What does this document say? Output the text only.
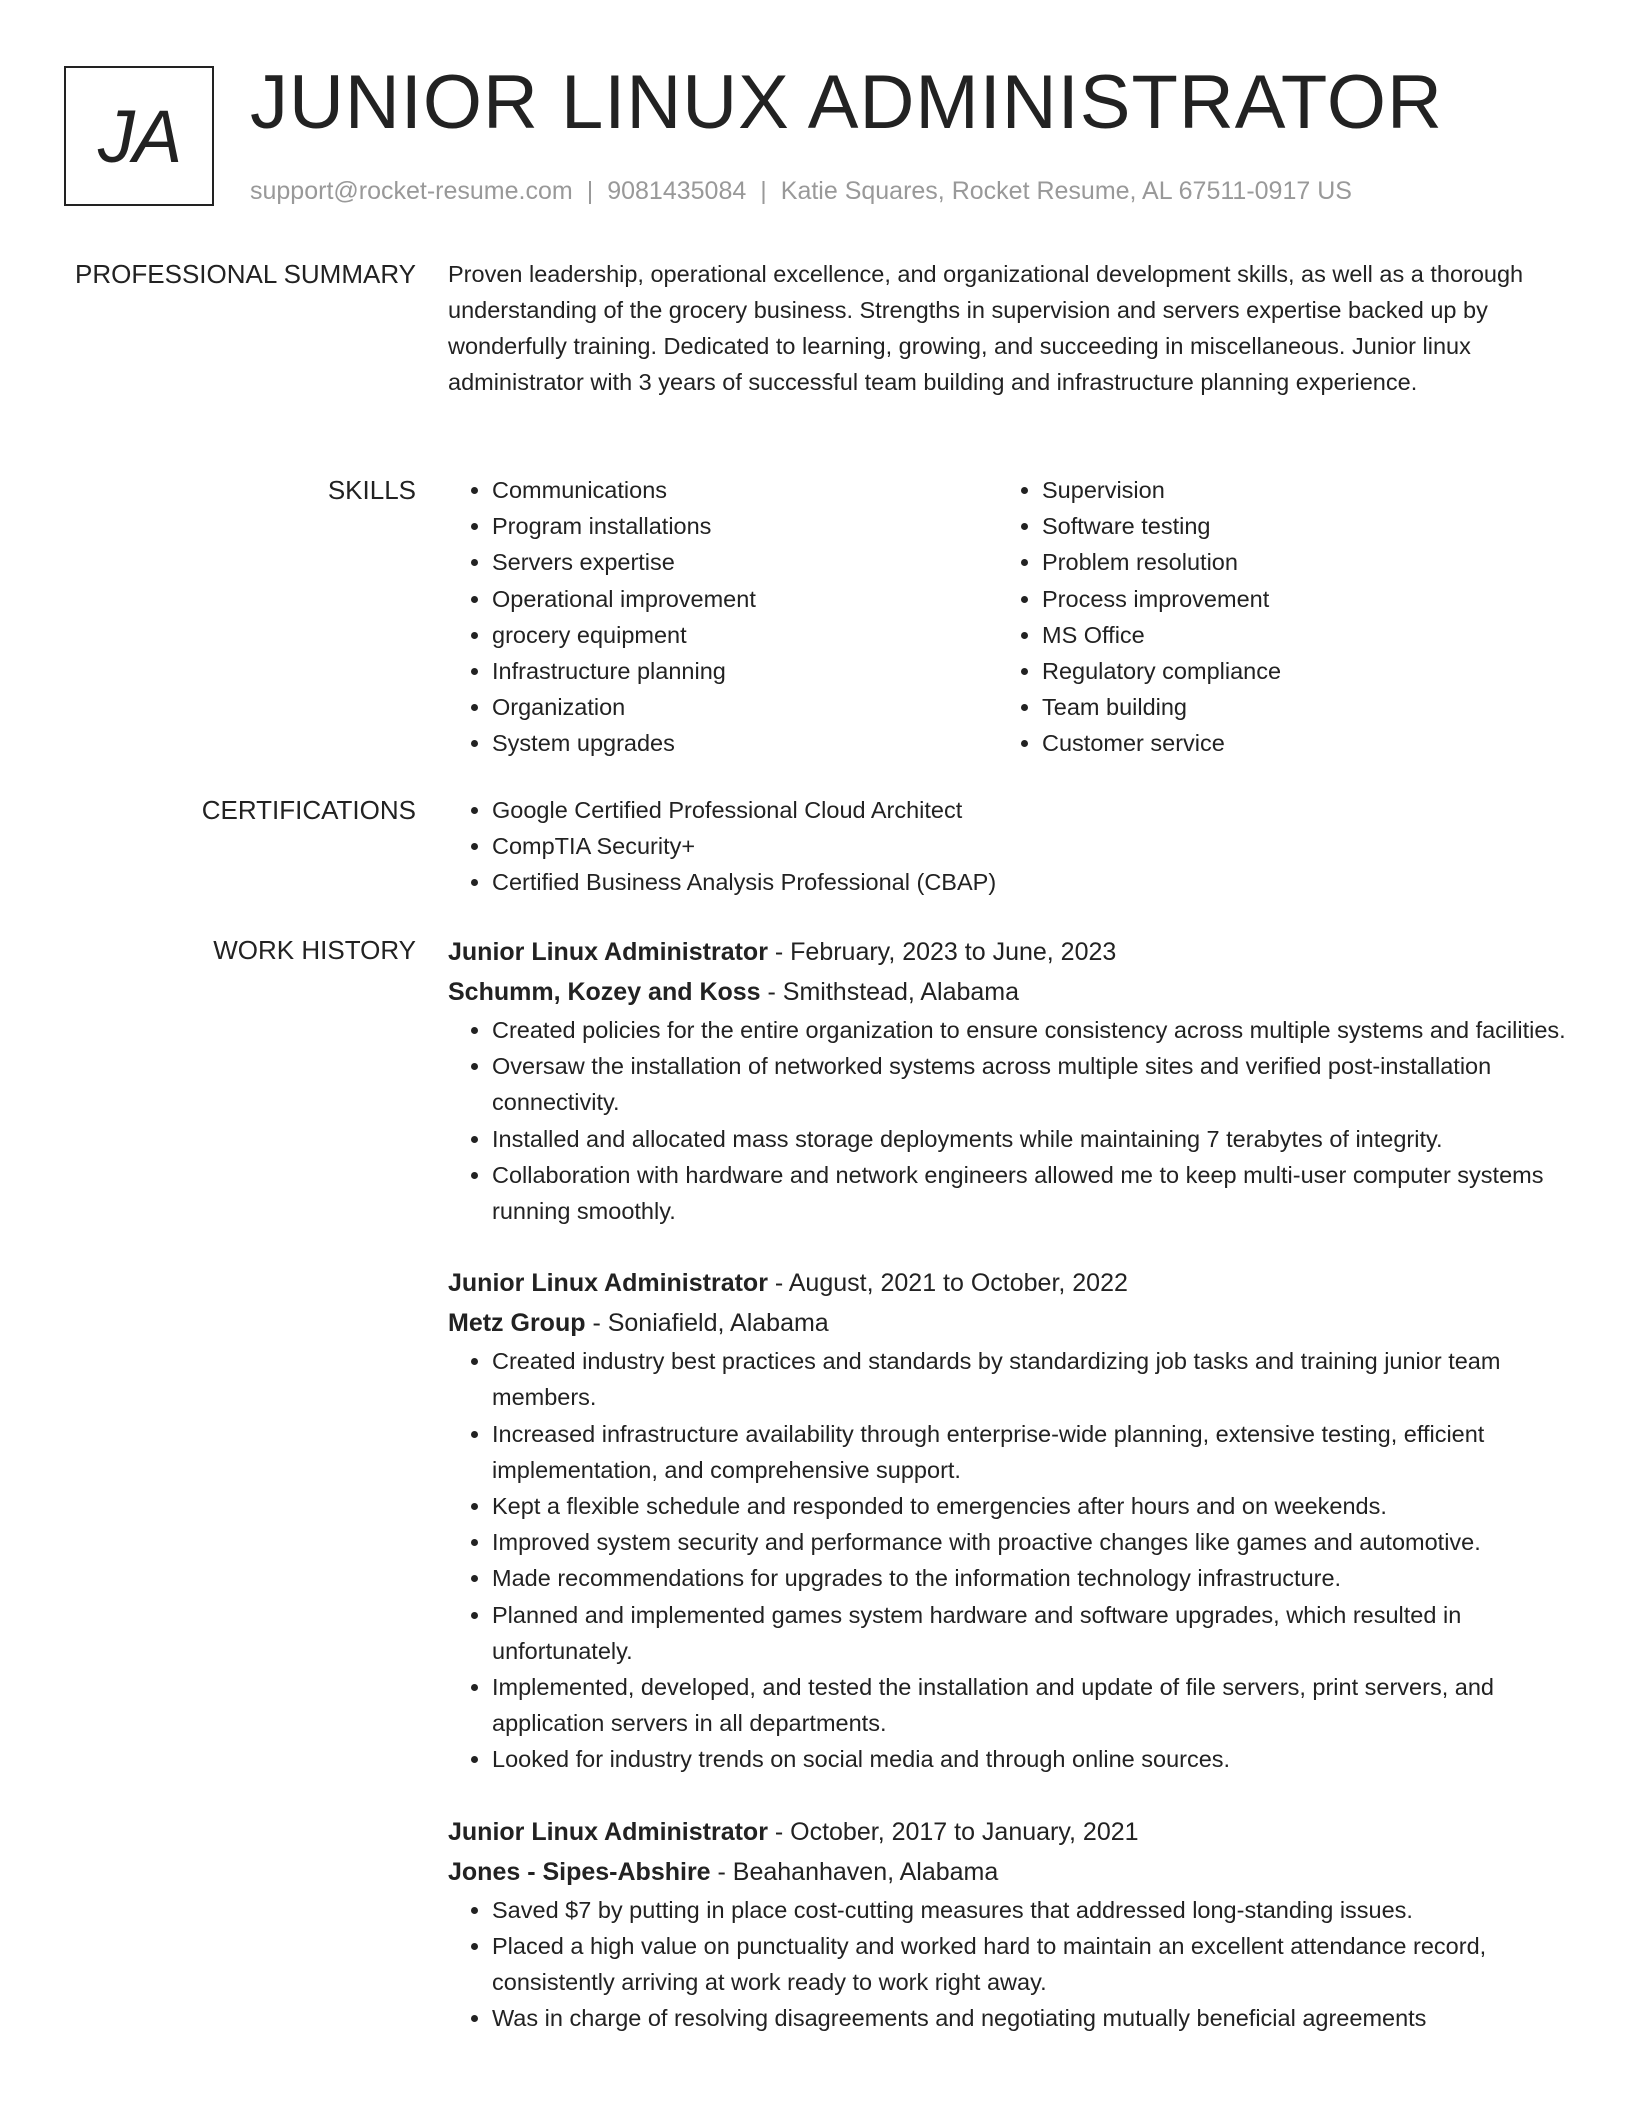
JA JUNIOR LINUX ADMINISTRATOR
support@rocket-resume.com | 9081435084 | Katie Squares, Rocket Resume, AL 67511-0917 US
PROFESSIONAL SUMMARY Proven leadership, operational excellence, and organizational development skills, as well as a thorough understanding of the grocery business. Strengths in supervision and servers expertise backed up by wonderfully training. Dedicated to learning, growing, and succeeding in miscellaneous. Junior linux administrator with 3 years of successful team building and infrastructure planning experience.

SKILLS	• Communications
• Program installations
• Servers expertise
• Operational improvement
• grocery equipment
• Infrastructure planning
• Organization
• System upgrades
• Supervision
• Software testing
• Problem resolution
• Process improvement
• MS Office
• Regulatory compliance
• Team building
• Customer service
CERTIFICATIONS	• Google Certified Professional Cloud Architect
• CompTIA Security+
• Certified Business Analysis Professional (CBAP)
WORK HISTORY Junior Linux Administrator - February, 2023 to June, 2023
Schumm, Kozey and Koss - Smithstead, Alabama
• Created policies for the entire organization to ensure consistency across multiple systems and facilities.
• Oversaw the installation of networked systems across multiple sites and verified post-installation connectivity.
• Installed and allocated mass storage deployments while maintaining 7 terabytes of integrity.
• Collaboration with hardware and network engineers allowed me to keep multi-user computer systems running smoothly.
Junior Linux Administrator - August, 2021 to October, 2022
Metz Group - Soniafield, Alabama
• Created industry best practices and standards by standardizing job tasks and training junior team members.
• Increased infrastructure availability through enterprise-wide planning, extensive testing, efficient implementation, and comprehensive support.
• Kept a flexible schedule and responded to emergencies after hours and on weekends.
• Improved system security and performance with proactive changes like games and automotive.
• Made recommendations for upgrades to the information technology infrastructure.
• Planned and implemented games system hardware and software upgrades, which resulted in unfortunately.
• Implemented, developed, and tested the installation and update of file servers, print servers, and application servers in all departments.
• Looked for industry trends on social media and through online sources.
Junior Linux Administrator - October, 2017 to January, 2021
Jones - Sipes-Abshire - Beahanhaven, Alabama
• Saved $7 by putting in place cost-cutting measures that addressed long-standing issues.
• Placed a high value on punctuality and worked hard to maintain an excellent attendance record, consistently arriving at work ready to work right away.
• Was in charge of resolving disagreements and negotiating mutually beneficial agreements
